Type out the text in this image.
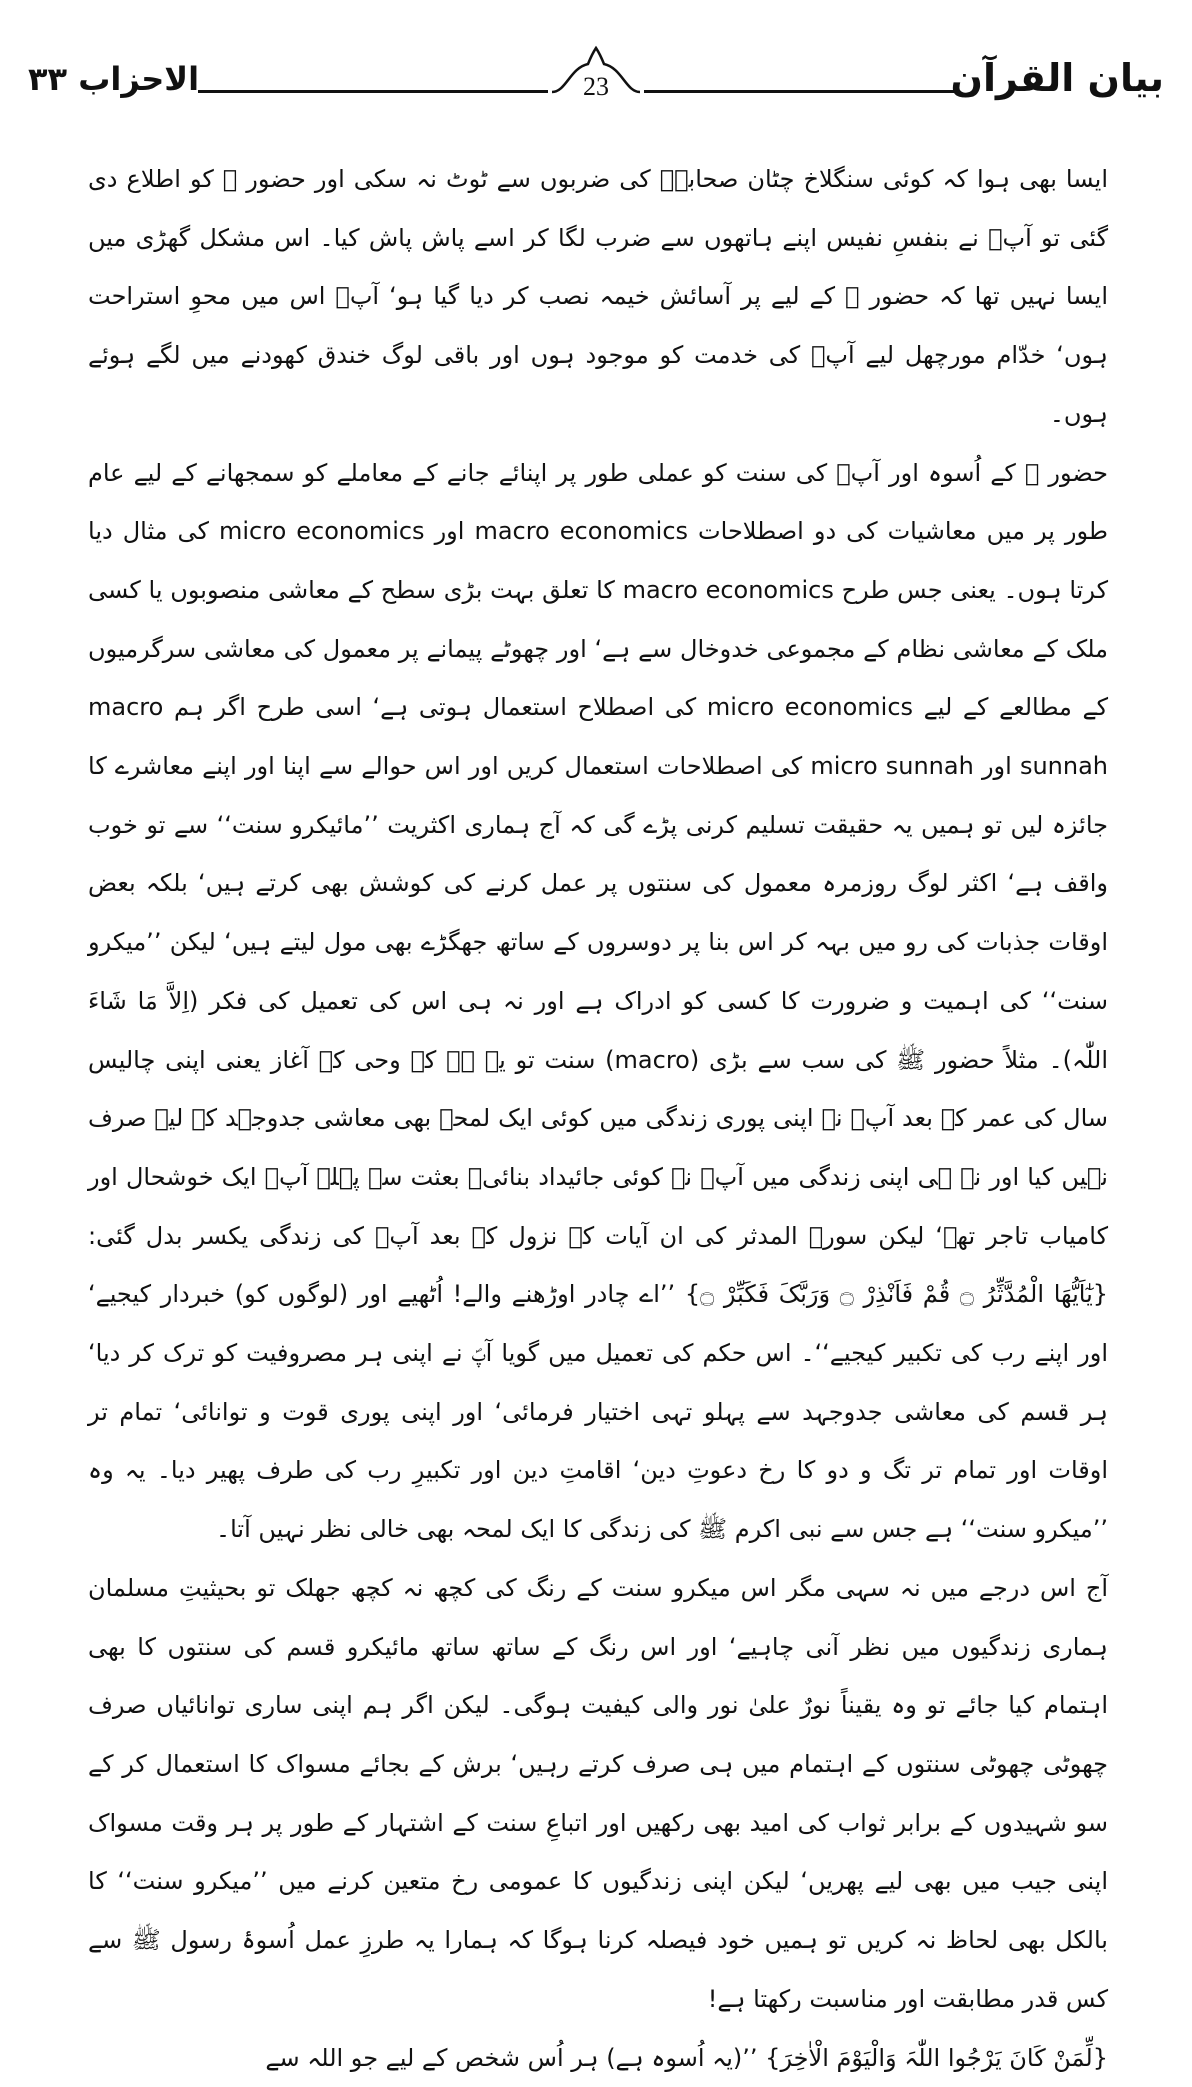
الاحزاب ۳۳	23	بیان القرآن

ایسا بھی ہوا کہ کوئی سنگلاخ چٹان صحابہؓ کی ضربوں سے ٹوٹ نہ سکی اور حضور ﷺ کو اطلاع دی گئی تو آپؐ نے بنفسِ نفیس اپنے ہاتھوں سے ضرب لگا کر اسے پاش پاش کیا۔ اس مشکل گھڑی میں ایسا نہیں تھا کہ حضور ﷺ کے لیے پر آسائش خیمہ نصب کر دیا گیا ہو‘ آپؐ اس میں محوِ استراحت ہوں‘ خدّام مورچھل لیے آپؐ کی خدمت کو موجود ہوں اور باقی لوگ خندق کھودنے میں لگے ہوئے ہوں۔

حضور ﷺ کے اُسوہ اور آپؐ کی سنت کو عملی طور پر اپنائے جانے کے معاملے کو سمجھانے کے لیے عام طور پر میں معاشیات کی دو اصطلاحات macro economics اور micro economics کی مثال دیا کرتا ہوں۔ یعنی جس طرح macro economics کا تعلق بہت بڑی سطح کے معاشی منصوبوں یا کسی ملک کے معاشی نظام کے مجموعی خدوخال سے ہے‘ اور چھوٹے پیمانے پر معمول کی معاشی سرگرمیوں کے مطالعے کے لیے micro economics کی اصطلاح استعمال ہوتی ہے‘ اسی طرح اگر ہم macro sunnah اور micro sunnah کی اصطلاحات استعمال کریں اور اس حوالے سے اپنا اور اپنے معاشرے کا جائزہ لیں تو ہمیں یہ حقیقت تسلیم کرنی پڑے گی کہ آج ہماری اکثریت ’’مائیکرو سنت‘‘ سے تو خوب واقف ہے‘ اکثر لوگ روزمرہ معمول کی سنتوں پر عمل کرنے کی کوشش بھی کرتے ہیں‘ بلکہ بعض اوقات جذبات کی رو میں بہہ کر اس بنا پر دوسروں کے ساتھ جھگڑے بھی مول لیتے ہیں‘ لیکن ’’میکرو سنت‘‘ کی اہمیت و ضرورت کا کسی کو ادراک ہے اور نہ ہی اس کی تعمیل کی فکر (اِلاَّ مَا شَاءَ اللّٰہ)۔ مثلاً حضور ﷺ کی سب سے بڑی (macro) سنت تو یہ ہے کہ وحی کے آغاز یعنی اپنی چالیس سال کی عمر کے بعد آپؐ نے اپنی پوری زندگی میں کوئی ایک لمحہ بھی معاشی جدوجہد کے لیے صرف نہیں کیا اور نہ ہی اپنی زندگی میں آپؐ نے کوئی جائیداد بنائی۔ بعثت سے پہلے آپؐ ایک خوشحال اور کامیاب تاجر تھے‘ لیکن سورۃ المدثر کی ان آیات کے نزول کے بعد آپؐ کی زندگی یکسر بدل گئی: {یٰٓاَیُّھَا الْمُدَّثِّرُ ۝ قُمْ فَاَنْذِرْ ۝ وَرَبَّکَ فَکَبِّرْ ۝} ’’اے چادر اوڑھنے والے! اُٹھیے اور (لوگوں کو) خبردار کیجیے‘ اور اپنے رب کی تکبیر کیجیے‘‘۔ اس حکم کی تعمیل میں گویا آپؐ نے اپنی ہر مصروفیت کو ترک کر دیا‘ ہر قسم کی معاشی جدوجہد سے پہلو تہی اختیار فرمائی‘ اور اپنی پوری قوت و توانائی‘ تمام تر اوقات اور تمام تر تگ و دو کا رخ دعوتِ دین‘ اقامتِ دین اور تکبیرِ رب کی طرف پھیر دیا۔ یہ وہ ’’میکرو سنت‘‘ ہے جس سے نبی اکرم ﷺ کی زندگی کا ایک لمحہ بھی خالی نظر نہیں آتا۔

آج اس درجے میں نہ سہی مگر اس میکرو سنت کے رنگ کی کچھ نہ کچھ جھلک تو بحیثیتِ مسلمان ہماری زندگیوں میں نظر آنی چاہیے‘ اور اس رنگ کے ساتھ ساتھ مائیکرو قسم کی سنتوں کا بھی اہتمام کیا جائے تو وہ یقیناً نورٌ علیٰ نور والی کیفیت ہوگی۔ لیکن اگر ہم اپنی ساری توانائیاں صرف چھوٹی چھوٹی سنتوں کے اہتمام میں ہی صرف کرتے رہیں‘ برش کے بجائے مسواک کا استعمال کر کے سو شہیدوں کے برابر ثواب کی امید بھی رکھیں اور اتباعِ سنت کے اشتہار کے طور پر ہر وقت مسواک اپنی جیب میں بھی لیے پھریں‘ لیکن اپنی زندگیوں کا عمومی رخ متعین کرنے میں ’’میکرو سنت‘‘ کا بالکل بھی لحاظ نہ کریں تو ہمیں خود فیصلہ کرنا ہوگا کہ ہمارا یہ طرزِ عمل اُسوۂ رسول ﷺ سے کس قدر مطابقت اور مناسبت رکھتا ہے!

{لِّمَنْ کَانَ یَرْجُوا اللّٰہَ وَالْیَوْمَ الْاٰخِرَ} ’’(یہ اُسوہ ہے) ہر اُس شخص کے لیے جو اللہ سے
